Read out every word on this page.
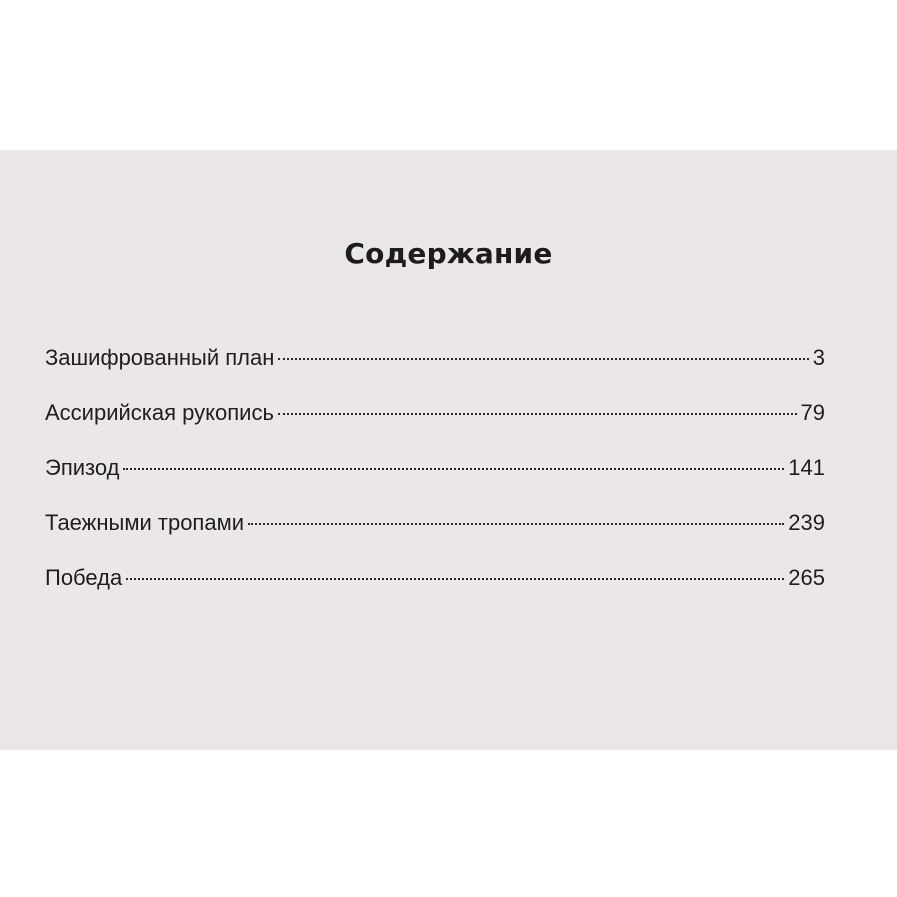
Содержание
Зашифрованный план	3
Ассирийская рукопись	79
Эпизод	141
Таежными тропами	239
Победа	265
